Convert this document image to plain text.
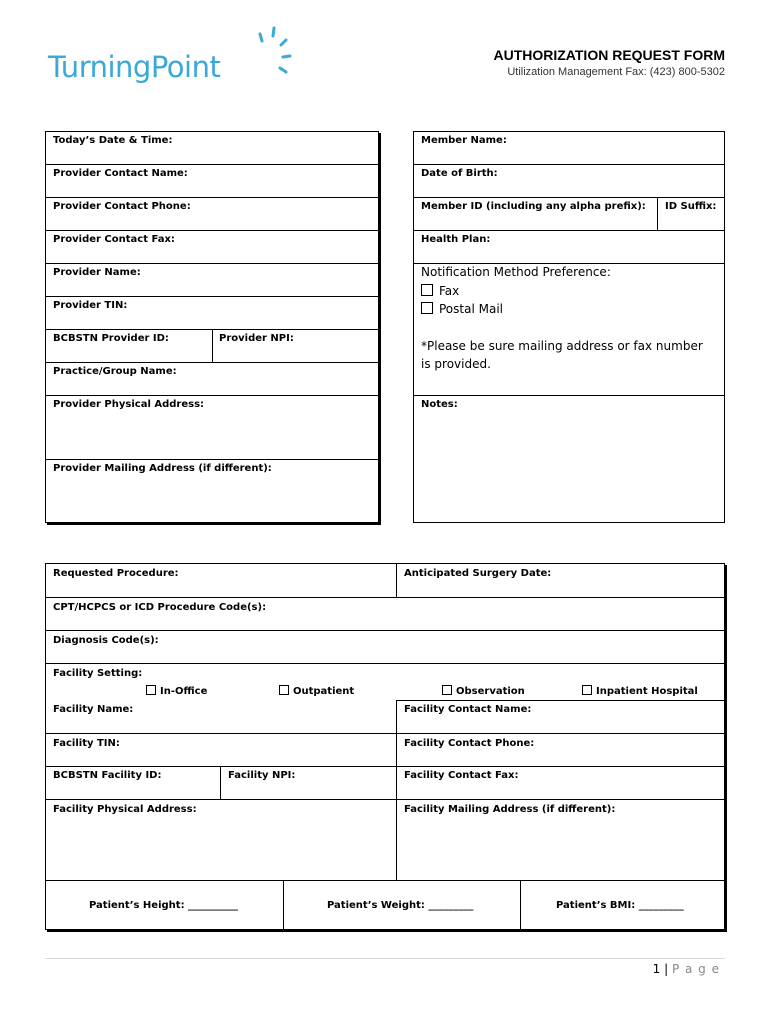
TurningPoint	AUTHORIZATION REQUEST FORM
Utilization Management Fax: (423) 800-5302
Today’s Date & Time:
Provider Contact Name:
Provider Contact Phone:
Provider Contact Fax:
Provider Name:
Provider TIN:
BCBSTN Provider ID:	Provider NPI:
Practice/Group Name:
Provider Physical Address:
Provider Mailing Address (if different):
Member Name:
Date of Birth:
Member ID (including any alpha prefix): ID Suffix:
Health Plan:
Notification Method Preference:
Fax
Postal Mail
*Please be sure mailing address or fax number is provided.
Notes:
Requested Procedure:	Anticipated Surgery Date:
CPT/HCPCS or ICD Procedure Code(s):
Diagnosis Code(s):
Facility Setting:
In-Office	Outpatient	Observation	Inpatient Hospital
Facility Name:	Facility Contact Name:
Facility TIN:	Facility Contact Phone:
BCBSTN Facility ID:	Facility NPI:	Facility Contact Fax:
Facility Physical Address:	Facility Mailing Address (if different):
Patient’s Height: __________	Patient’s Weight: _________	Patient’s BMI: _________
1 | P a g e
